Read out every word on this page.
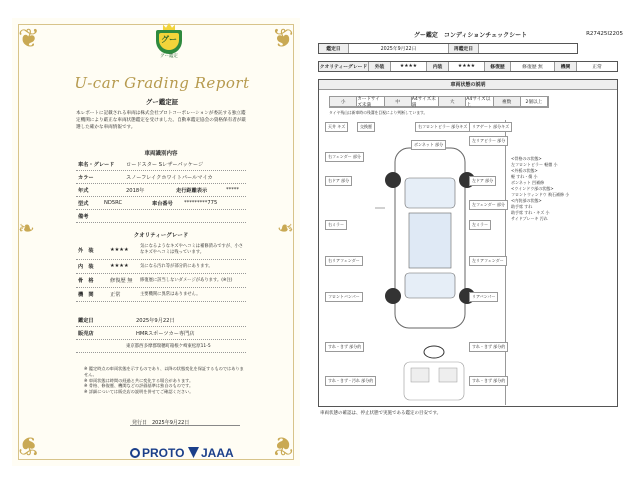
❦	❦
❦	❦
❧	❧
グー
グー鑑定
U-car Grading Report
グー鑑定証
本レポートに記載される車両は株式会社プロトコーポレーションが委託する独立鑑定機関により厳正な車両状態鑑定を受けました。自動車鑑定協会の資格保有者が厳選した確かな車両情報です。
車両識別内容
車名・グレード ロードスター Sレザーパッケージ
カラー	スノーフレイクホワイトパールマイカ
年式	2018年	走行距離表示	*****
型式	ND5RC	車台番号 *********775
備考
クオリティーグレード
外　装	★★★★
気になるようなキズやヘコミは補修済みですが、小さなキズやヘコミは残っています。
内　装	★★★★	気になる汚れ等が部分的にあります。
骨　格	修復歴 無 修復歴に該当しないダメージがあります。(※注)
機　関	正常	主要機関に異常はありません。
鑑定日	2025年9月22日
販売店	HMRスポーツカー専門店
東京都西多摩郡瑞穂町箱根ケ崎東松原11-5
※ 鑑定時点の車両状態を示すものであり、以降の状態変化を保証するものではありません。
※ 車両状態は時間の経過と共に変化する場合があります。
※ 骨格、修復歴、機関などの評価基準は独自のものです。
※ 詳細については販売店の説明を併せてご確認ください。
発行日　2025年9月22日
PROTO	JAAA
グー鑑定　コンディションチェックシート	R27425I2205
鑑定日	2025年9月22日	再鑑定日
クオリティーグレード	外装	★★★★	内装	★★★★	修復歴	修復歴 無	機関	正常
車両状態の説明
小
カードサイズ未満
中
A4サイズ未満
大
A4サイズ以上
複数	2個以上
タイヤ残山は新車時の残溝を目視により判断しています。
天井 キズ	交換歴	右フロントピラー 部分キズ	リアゲート 部分キズ
左リアピラー 部分
右フェンダー 部分
右ドア 部分
ボンネット 部分
左ドア 部分
左フェンダー 部分
右ミラー	左ミラー
右リアフェンダー	左リアフェンダー
フロントバンパー	リアバンパー
すれ・きず 部分的	すれ・きず 部分的
すれ・きず・汚れ 部分的	すれ・きず 部分的
<骨格のの状態>
左フロントピラー 軽微 小
<外板の状態>
軽 すれ・傷 小
ボンネット 凹補修
<ウインドウ部の状態>
フロントウィンドウ 飛石補修 小
<内装部の状態>
助手席 すれ
助手席 すれ・キズ 小
サイドブレーキ 汚れ
車両状態の確認は、停止状態で実施である鑑定の目安です。
